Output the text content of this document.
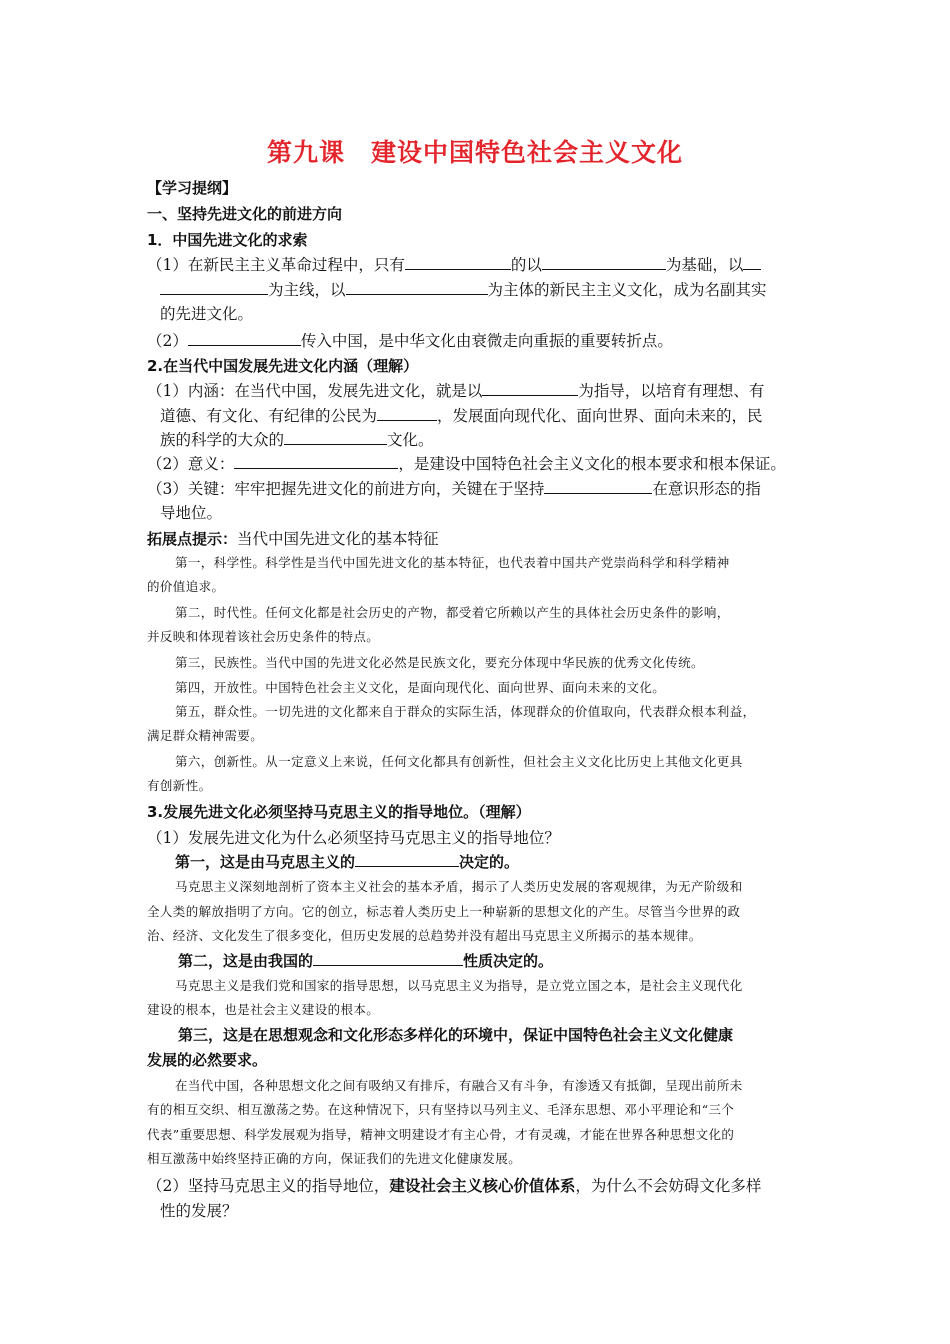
第九课　建设中国特色社会主义文化
【学习提纲】
一、坚持先进文化的前进方向
1．中国先进文化的求索
（1）在新民主主义革命过程中，只有	的以	为基础，以
为主线，以	为主体的新民主主义文化，成为名副其实
的先进文化。
（2）	传入中国，是中华文化由衰微走向重振的重要转折点。
2.在当代中国发展先进文化内涵（理解）
（1）内涵：在当代中国，发展先进文化，就是以	为指导，以培育有理想、有
道德、有文化、有纪律的公民为	，发展面向现代化、面向世界、面向未来的，民
族的科学的大众的	文化。
（2）意义：	，是建设中国特色社会主义文化的根本要求和根本保证。
（3）关键：牢牢把握先进文化的前进方向，关键在于坚持	在意识形态的指
导地位。
拓展点提示：当代中国先进文化的基本特征
第一，科学性。科学性是当代中国先进文化的基本特征，也代表着中国共产党崇尚科学和科学精神
的价值追求。
第二，时代性。任何文化都是社会历史的产物，都受着它所赖以产生的具体社会历史条件的影响，
并反映和体现着该社会历史条件的特点。
第三，民族性。当代中国的先进文化必然是民族文化，要充分体现中华民族的优秀文化传统。
第四，开放性。中国特色社会主义文化，是面向现代化、面向世界、面向未来的文化。
第五，群众性。一切先进的文化都来自于群众的实际生活，体现群众的价值取向，代表群众根本利益，
满足群众精神需要。
第六，创新性。从一定意义上来说，任何文化都具有创新性，但社会主义文化比历史上其他文化更具
有创新性。
3.发展先进文化必须坚持马克思主义的指导地位。（理解）
（1）发展先进文化为什么必须坚持马克思主义的指导地位？
第一，这是由马克思主义的	决定的。
马克思主义深刻地剖析了资本主义社会的基本矛盾，揭示了人类历史发展的客观规律，为无产阶级和
全人类的解放指明了方向。它的创立，标志着人类历史上一种崭新的思想文化的产生。尽管当今世界的政
治、经济、文化发生了很多变化，但历史发展的总趋势并没有超出马克思主义所揭示的基本规律。
第二，这是由我国的	性质决定的。
马克思主义是我们党和国家的指导思想，以马克思主义为指导，是立党立国之本，是社会主义现代化
建设的根本，也是社会主义建设的根本。
第三，这是在思想观念和文化形态多样化的环境中，保证中国特色社会主义文化健康
发展的必然要求。
在当代中国，各种思想文化之间有吸纳又有排斥，有融合又有斗争，有渗透又有抵御，呈现出前所未
有的相互交织、相互激荡之势。在这种情况下，只有坚持以马列主义、毛泽东思想、邓小平理论和“三个
代表”重要思想、科学发展观为指导，精神文明建设才有主心骨，才有灵魂，才能在世界各种思想文化的
相互激荡中始终坚持正确的方向，保证我们的先进文化健康发展。
（2）坚持马克思主义的指导地位，建设社会主义核心价值体系，为什么不会妨碍文化多样
性的发展？
